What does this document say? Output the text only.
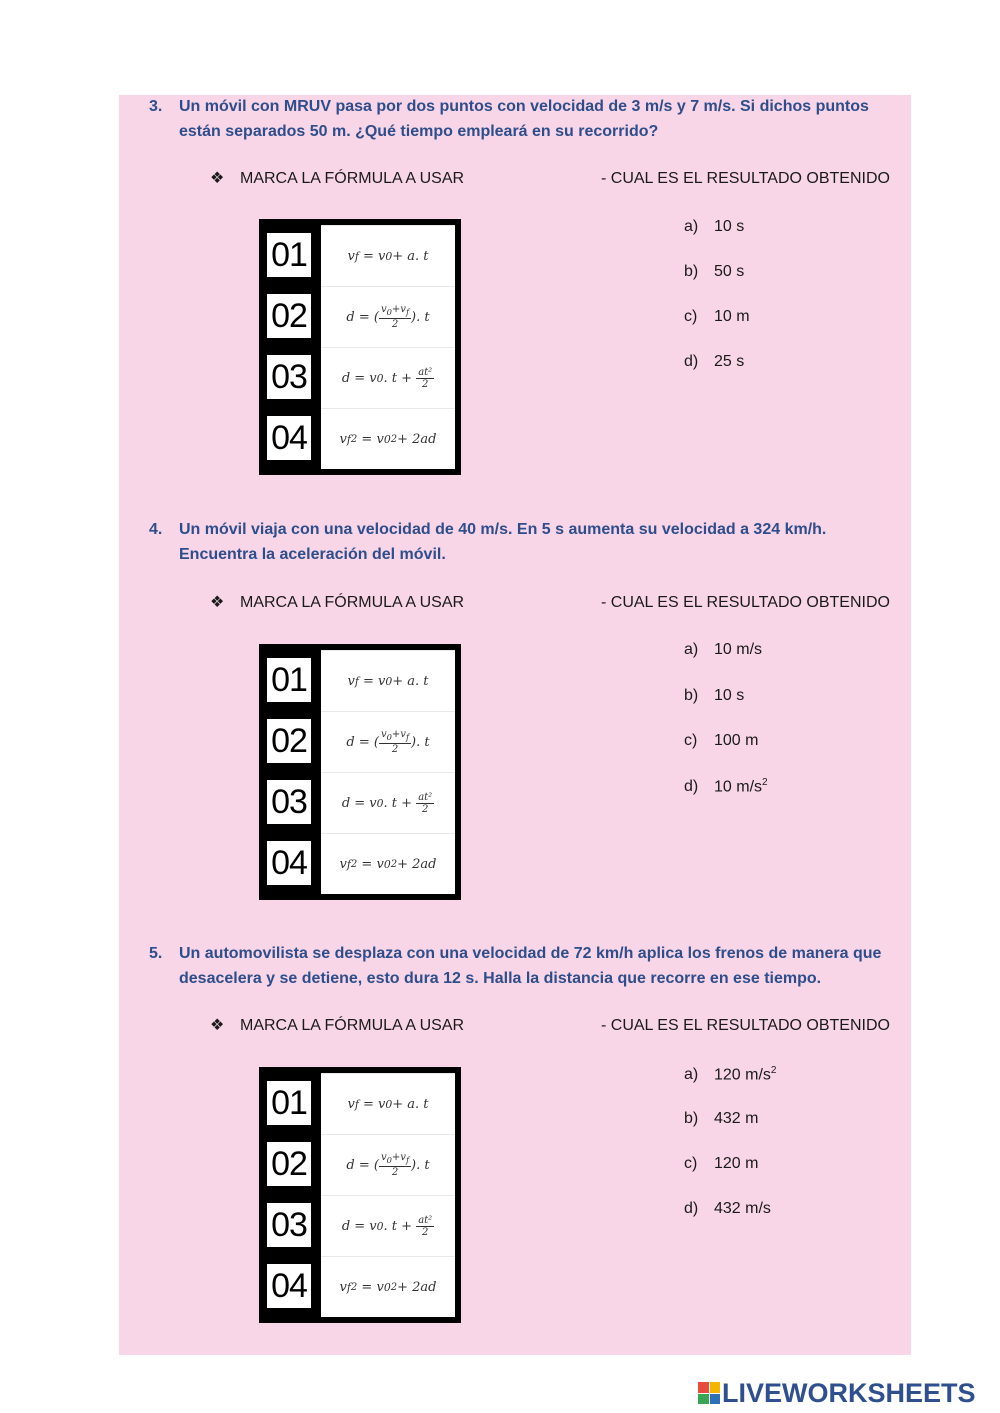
3. Un móvil con MRUV pasa por dos puntos con velocidad de 3 m/s y 7 m/s. Si dichos puntos están separados 50 m. ¿Qué tiempo empleará en su recorrido?
❖ MARCA LA FÓRMULA A USAR	- CUAL ES EL RESULTADO OBTENIDO
01	v f = v 0 + a. t
02	d = ( $\frac{v_0+v_f}{2}$ ). t
03	d = v 0 . $t + \frac{\text{at²}}{2}$
04	v f 2 = v 0 2 + 2ad
a) 10 s
b) 50 s
c) 10 m
d) 25 s
4. Un móvil viaja con una velocidad de 40 m/s. En 5 s aumenta su velocidad a 324 km/h. Encuentra la aceleración del móvil.
❖ MARCA LA FÓRMULA A USAR	- CUAL ES EL RESULTADO OBTENIDO
01	v f = v 0 + a. t
02	d = ( $\frac{v_0+v_f}{2}$ ). t
03	d = v 0 . $t + \frac{\text{at²}}{2}$
04	v f 2 = v 0 2 + 2ad
a) 10 m/s
b) 10 s
c) 100 m
d) 10 $m/s^2$
5. Un automovilista se desplaza con una velocidad de 72 km/h aplica los frenos de manera que desacelera y se detiene, esto dura 12 s. Halla la distancia que recorre en ese tiempo.
❖ MARCA LA FÓRMULA A USAR	- CUAL ES EL RESULTADO OBTENIDO
01	v f = v 0 + a. t
02	d = ( $\frac{v_0+v_f}{2}$ ). t
03	d = v 0 . $t + \frac{\text{at²}}{2}$
04	v f 2 = v 0 2 + 2ad
a) 120 $m/s^2$
b) 432 m
c) 120 m
d) 432 m/s
LIVEWORKSHEETS
